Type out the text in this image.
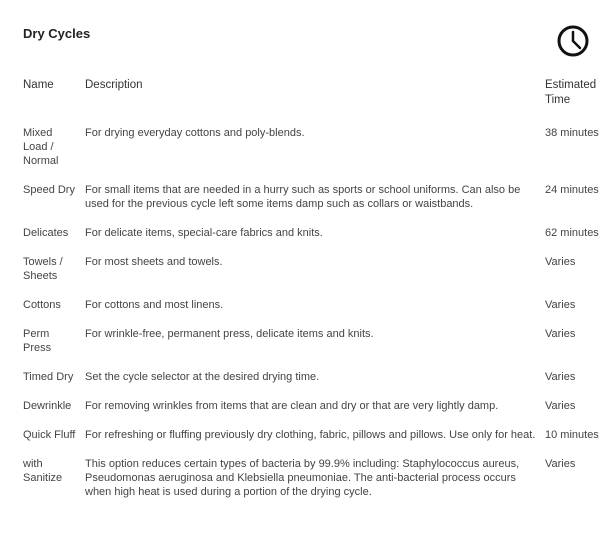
Dry Cycles
Name	Description	Estimated Time
Mixed Load / Normal	For drying everyday cottons and poly-blends.	38 minutes
Speed Dry	For small items that are needed in a hurry such as sports or school uniforms. Can also be used for the previous cycle left some items damp such as collars or waistbands.	24 minutes
Delicates	For delicate items, special-care fabrics and knits.	62 minutes
Towels / Sheets	For most sheets and towels.	Varies
Cottons	For cottons and most linens.	Varies
Perm Press	For wrinkle-free, permanent press, delicate items and knits.	Varies
Timed Dry	Set the cycle selector at the desired drying time.	Varies
Dewrinkle	For removing wrinkles from items that are clean and dry or that are very lightly damp.	Varies
Quick Fluff	For refreshing or fluffing previously dry clothing, fabric, pillows and pillows. Use only for heat.	10 minutes
with Sanitize	This option reduces certain types of bacteria by 99.9% including: Staphylococcus aureus, Pseudomonas aeruginosa and Klebsiella pneumoniae. The anti-bacterial process occurs when high heat is used during a portion of the drying cycle.	Varies
